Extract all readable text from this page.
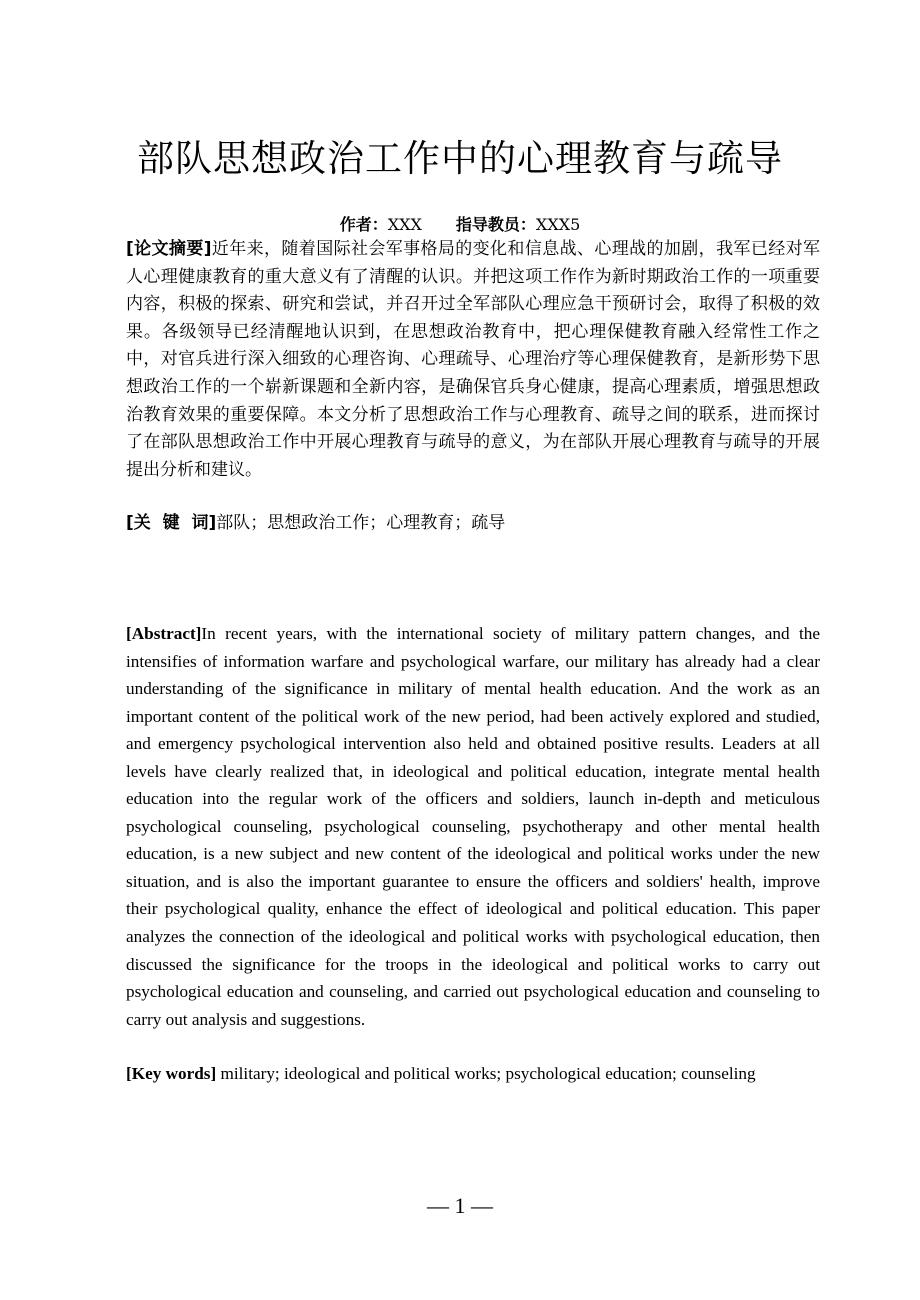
部队思想政治工作中的心理教育与疏导
作者：XXX 指导教员：XXX5

[论文摘要]近年来，随着国际社会军事格局的变化和信息战、心理战的加剧，我军已经对军人心理健康教育的重大意义有了清醒的认识。并把这项工作作为新时期政治工作的一项重要内容，积极的探索、研究和尝试，并召开过全军部队心理应急干预研讨会，取得了积极的效果。各级领导已经清醒地认识到，在思想政治教育中，把心理保健教育融入经常性工作之中，对官兵进行深入细致的心理咨询、心理疏导、心理治疗等心理保健教育，是新形势下思想政治工作的一个崭新课题和全新内容，是确保官兵身心健康，提高心理素质，增强思想政治教育效果的重要保障。本文分析了思想政治工作与心理教育、疏导之间的联系，进而探讨了在部队思想政治工作中开展心理教育与疏导的意义，为在部队开展心理教育与疏导的开展提出分析和建议。

[关  键  词]部队；思想政治工作；心理教育；疏导

[Abstract]In recent years, with the international society of military pattern changes, and the intensifies of information warfare and psychological warfare, our military has already had a clear understanding of the significance in military of mental health education. And the work as an important content of the political work of the new period, had been actively explored and studied, and emergency psychological intervention also held and obtained positive results. Leaders at all levels have clearly realized that, in ideological and political education, integrate mental health education into the regular work of the officers and soldiers, launch in-depth and meticulous psychological counseling, psychological counseling, psychotherapy and other mental health education, is a new subject and new content of the ideological and political works under the new situation, and is also the important guarantee to ensure the officers and soldiers' health, improve their psychological quality, enhance the effect of ideological and political education. This paper analyzes the connection of the ideological and political works with psychological education, then discussed the significance for the troops in the ideological and political works to carry out psychological education and counseling, and carried out psychological education and counseling to carry out analysis and suggestions.

[Key words] military; ideological and political works; psychological education; counseling

— 1 —
